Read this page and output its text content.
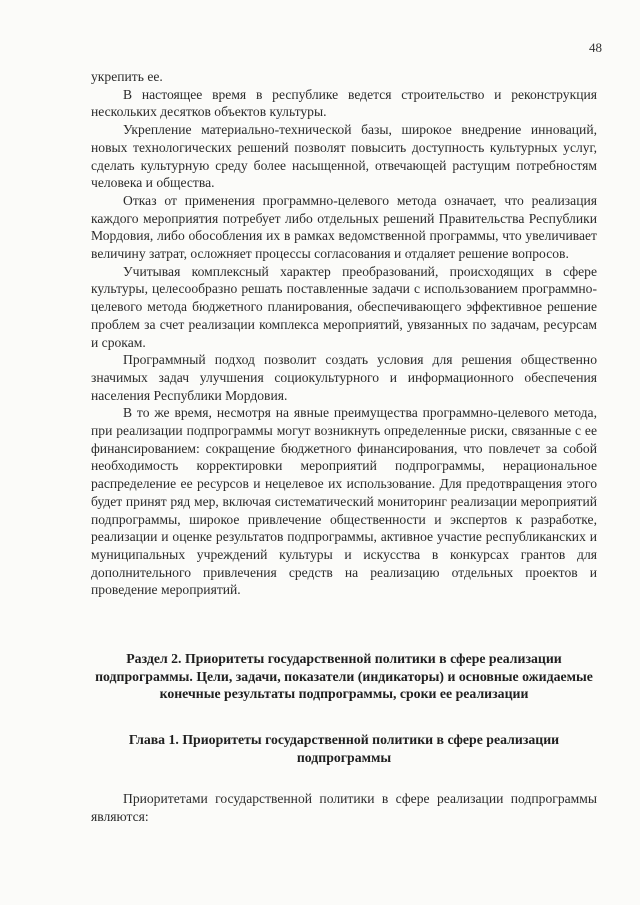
48

укрепить ее.

В настоящее время в республике ведется строительство и реконструкция нескольких десятков объектов культуры.

Укрепление материально-технической базы, широкое внедрение инноваций, новых технологических решений позволят повысить доступность культурных услуг, сделать культурную среду более насыщенной, отвечающей растущим потребностям человека и общества.

Отказ от применения программно-целевого метода означает, что реализация каждого мероприятия потребует либо отдельных решений Правительства Республики Мордовия, либо обособления их в рамках ведомственной программы, что увеличивает величину затрат, осложняет процессы согласования и отдаляет решение вопросов.

Учитывая комплексный характер преобразований, происходящих в сфере культуры, целесообразно решать поставленные задачи с использованием программно-целевого метода бюджетного планирования, обеспечивающего эффективное решение проблем за счет реализации комплекса мероприятий, увязанных по задачам, ресурсам и срокам.

Программный подход позволит создать условия для решения общественно значимых задач улучшения социокультурного и информационного обеспечения населения Республики Мордовия.

В то же время, несмотря на явные преимущества программно-целевого метода, при реализации подпрограммы могут возникнуть определенные риски, связанные с ее финансированием: сокращение бюджетного финансирования, что повлечет за собой необходимость корректировки мероприятий подпрограммы, нерациональное распределение ее ресурсов и нецелевое их использование. Для предотвращения этого будет принят ряд мер, включая систематический мониторинг реализации мероприятий подпрограммы, широкое привлечение общественности и экспертов к разработке, реализации и оценке результатов подпрограммы, активное участие республиканских и муниципальных учреждений культуры и искусства в конкурсах грантов для дополнительного привлечения средств на реализацию отдельных проектов и проведение мероприятий.

Раздел 2. Приоритеты государственной политики в сфере реализации подпрограммы. Цели, задачи, показатели (индикаторы) и основные ожидаемые конечные результаты подпрограммы, сроки ее реализации
Глава 1. Приоритеты государственной политики в сфере реализации подпрограммы

Приоритетами государственной политики в сфере реализации подпрограммы являются:
